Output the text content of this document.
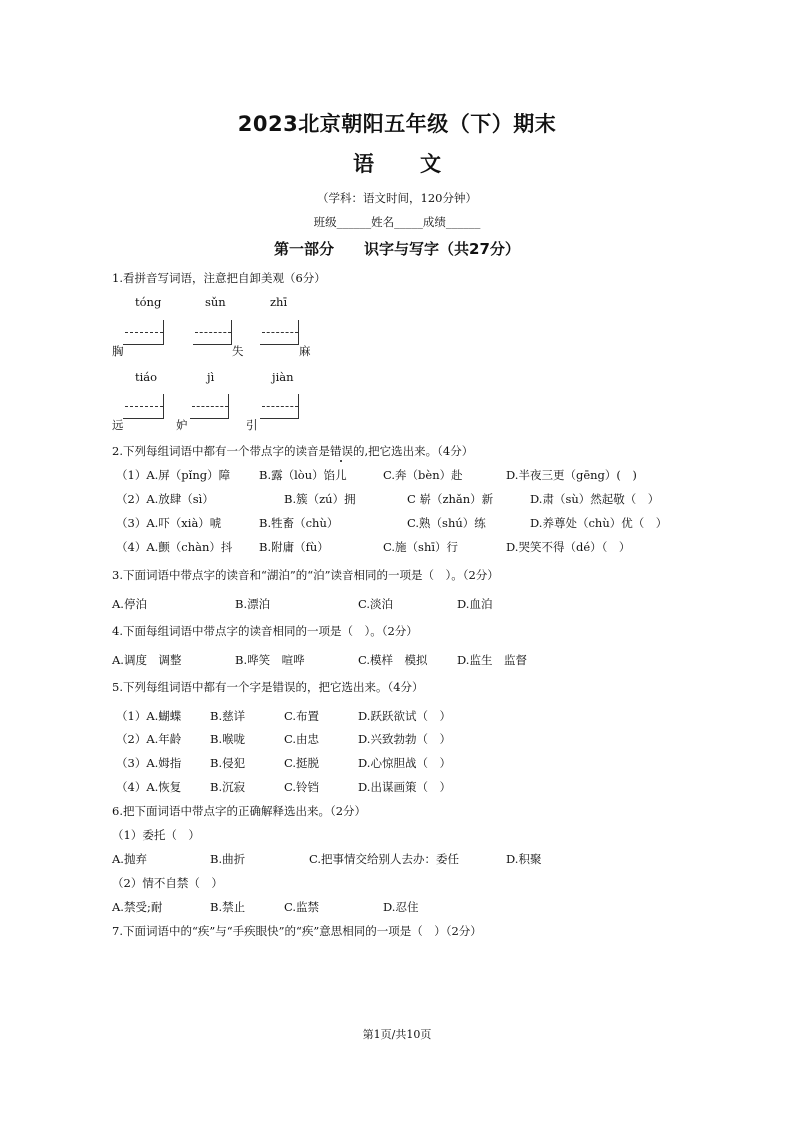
2023北京朝阳五年级（下）期末
语文
（学科：语文时间，120分钟）
班级______姓名_____成绩______
第一部分　　识字与写字（共27分）
1.看拼音写词语，注意把自卸美观（6分）
tóng	sǔn	zhī
胸	失	麻
tiáo	jì	jiàn
远	妒	引
2.下列每组词语中都有一个带点字的读音是错误的,把它选出来。（4分）
（1）A.屏（pǐng）障	B.露（lòu）馅儿	C.奔（bèn）赴	D.半夜三更（gēng）(　)
（2）A.放肆（sì）	B.簇（zú）拥	C 崭（zhǎn）新	D.肃（sù）然起敬（　）
（3）A.吓（xià）唬	B.牲畜（chù）	C.熟（shú）练	D.养尊处（chù）优（　）
（4）A.颤（chàn）抖 B.附庸（fù）	C.施（shī）行	D.哭笑不得（dé）（　）
3.下面词语中带点字的读音和“湖泊”的“泊”读音相同的一项是（　）。（2分）
A.停泊	B.漂泊	C.淡泊	D.血泊
4.下面每组词语中带点字的读音相同的一项是（　）。（2分）
A.调度　调整	B.哗笑　喧哗	C.模样　模拟	D.监生　监督
5.下列每组词语中都有一个字是错误的，把它选出来。（4分）
（1）A.蝴蝶 B.慈详	C.布置	D.跃跃欲试（　）
（2）A.年龄 B.喉咙	C.由忠	D.兴致勃勃（　）
（3）A.姆指 B.侵犯	C.挺脱	D.心惊胆战（　）
（4）A.恢复 B.沉寂	C.铃铛	D.出谋画策（　）
6.把下面词语中带点字的正确解释选出来。（2分）
（1）委托（　）
A.抛弃	B.曲折	C.把事情交给别人去办：委任	D.积聚
（2）情不自禁（　）
A.禁受;耐	B.禁止	C.监禁	D.忍住
7.下面词语中的“疾”与“手疾眼快”的“疾”意思相同的一项是（　）（2分）
第1页/共10页
